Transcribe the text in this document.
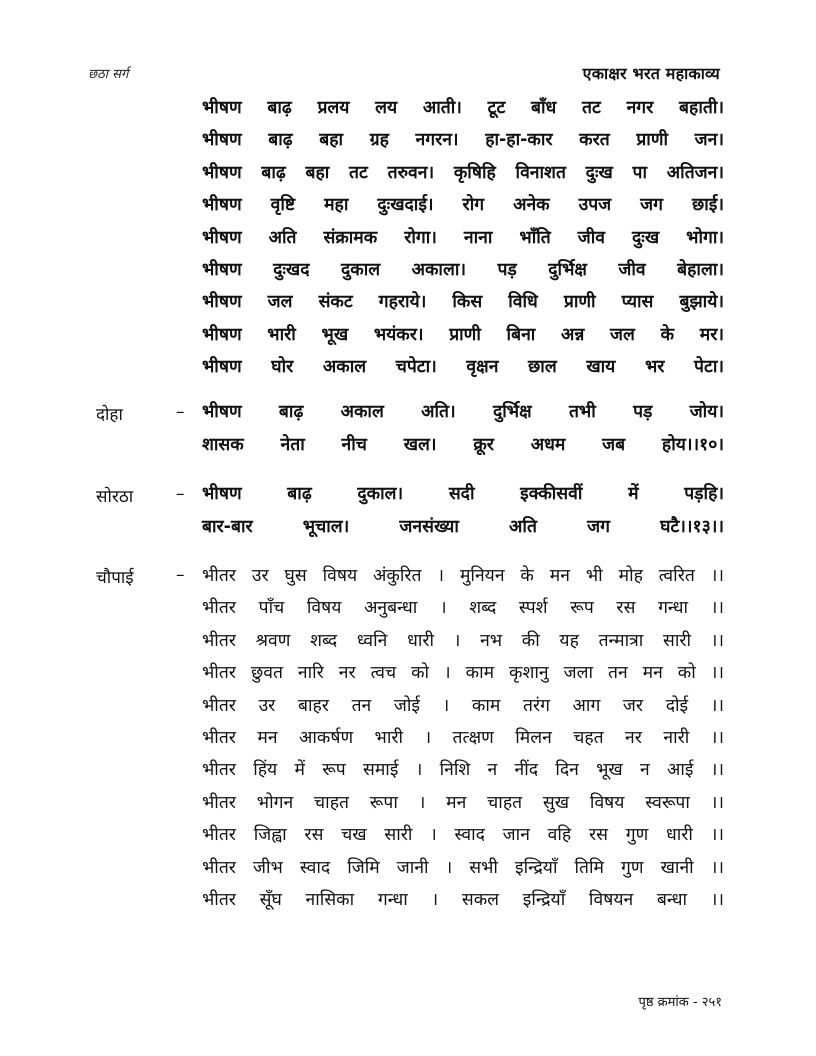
छठा सर्ग	एकाक्षर भरत महाकाव्य
भीषण बाढ़ प्रलय लय आती। टूट बाँध तट नगर बहाती।
भीषण बाढ़ बहा ग्रह नगरन। हा-हा-कार करत प्राणी जन।
भीषण बाढ़ बहा तट तरुवन। कृषिहि विनाशत दुःख पा अतिजन।
भीषण वृष्टि महा दुःखदाई। रोग अनेक उपज जग छाई।
भीषण अति संक्रामक रोगा। नाना भाँति जीव दुःख भोगा।
भीषण दुःखद दुकाल अकाला। पड़ दुर्भिक्ष जीव बेहाला।
भीषण जल संकट गहराये। किस विधि प्राणी प्यास बुझाये।
भीषण भारी भूख भयंकर। प्राणी बिना अन्न जल के मर।
भीषण घोर अकाल चपेटा। वृक्षन छाल खाय भर पेटा।
दोहा	– भीषण बाढ़ अकाल अति। दुर्भिक्ष तभी पड़ जोय।
शासक नेता नीच खल। क्रूर अधम जब होय।।१०।
सोरठा	– भीषण बाढ़ दुकाल। सदी इक्कीसवीं में पड़हि।
बार-बार भूचाल। जनसंख्या अति जग घटै।।१३।।
चौपाई – भीतर उर घुस विषय अंकुरित । मुनियन के मन भी मोह त्वरित ।।
भीतर पाँच विषय अनुबन्धा । शब्द स्पर्श रूप रस गन्धा ।।
भीतर श्रवण शब्द ध्वनि धारी । नभ की यह तन्मात्रा सारी ।।
भीतर छुवत नारि नर त्वच को । काम कृशानु जला तन मन को ।।
भीतर उर बाहर तन जोई । काम तरंग आग जर दोई ।।
भीतर मन आकर्षण भारी । तत्क्षण मिलन चहत नर नारी ।।
भीतर हिंय में रूप समाई । निशि न नींद दिन भूख न आई ।।
भीतर भोगन चाहत रूपा । मन चाहत सुख विषय स्वरूपा ।।
भीतर जिह्वा रस चख सारी । स्वाद जान वहि रस गुण धारी ।।
भीतर जीभ स्वाद जिमि जानी । सभी इन्द्रियाँ तिमि गुण खानी ।।
भीतर सूँघ नासिका गन्धा । सकल इन्द्रियाँ विषयन बन्धा ।।
पृष्ठ क्रमांक - २५१
